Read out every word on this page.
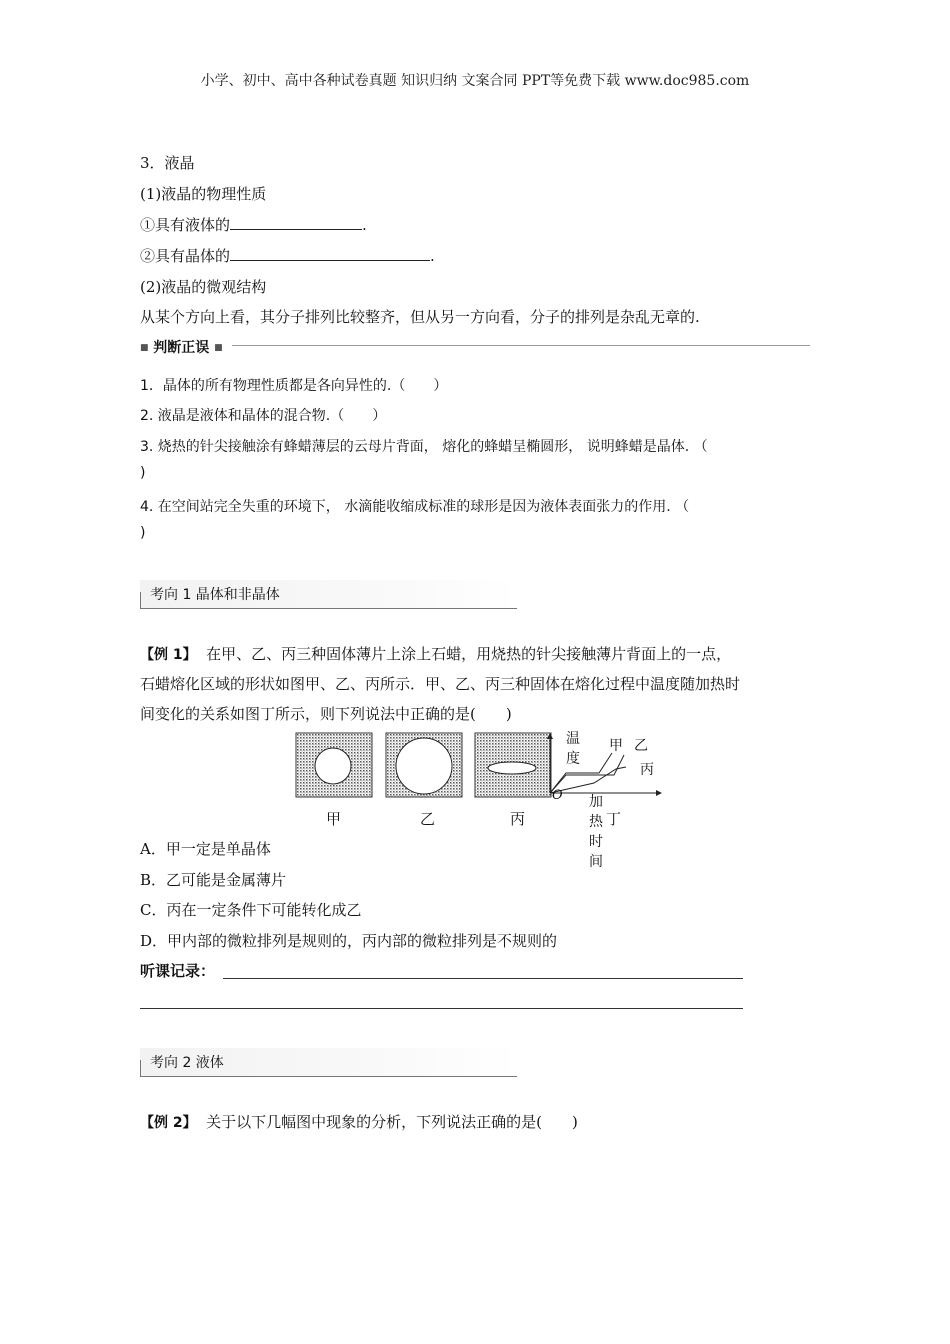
小学、初中、高中各种试卷真题 知识归纳 文案合同 PPT等免费下载 www.doc985.com
3．液晶
(1)液晶的物理性质
①具有液体的	.
②具有晶体的	.
(2)液晶的微观结构
从某个方向上看，其分子排列比较整齐，但从另一方向看，分子的排列是杂乱无章的.
■ 判断正误 ■
1．晶体的所有物理性质都是各向异性的.（　　）
2. 液晶是液体和晶体的混合物.（　　）
3. 烧热的针尖接触涂有蜂蜡薄层的云母片背面， 熔化的蜂蜡呈椭圆形， 说明蜂蜡是晶体. （
)
4. 在空间站完全失重的环境下， 水滴能收缩成标准的球形是因为液体表面张力的作用. （
)
考向 1 晶体和非晶体
【例 1】 在甲、乙、丙三种固体薄片上涂上石蜡，用烧热的针尖接触薄片背面上的一点，
石蜡熔化区域的形状如图甲、乙、丙所示．甲、乙、丙三种固体在熔化过程中温度随加热时
间变化的关系如图丁所示，则下列说法中正确的是(　　)
温度
甲 乙
丙
O 加热时间
甲	乙	丙	丁
A．甲一定是单晶体
B．乙可能是金属薄片
C．丙在一定条件下可能转化成乙
D．甲内部的微粒排列是规则的，丙内部的微粒排列是不规则的
听课记录：
考向 2 液体
【例 2】 关于以下几幅图中现象的分析，下列说法正确的是(　　)
